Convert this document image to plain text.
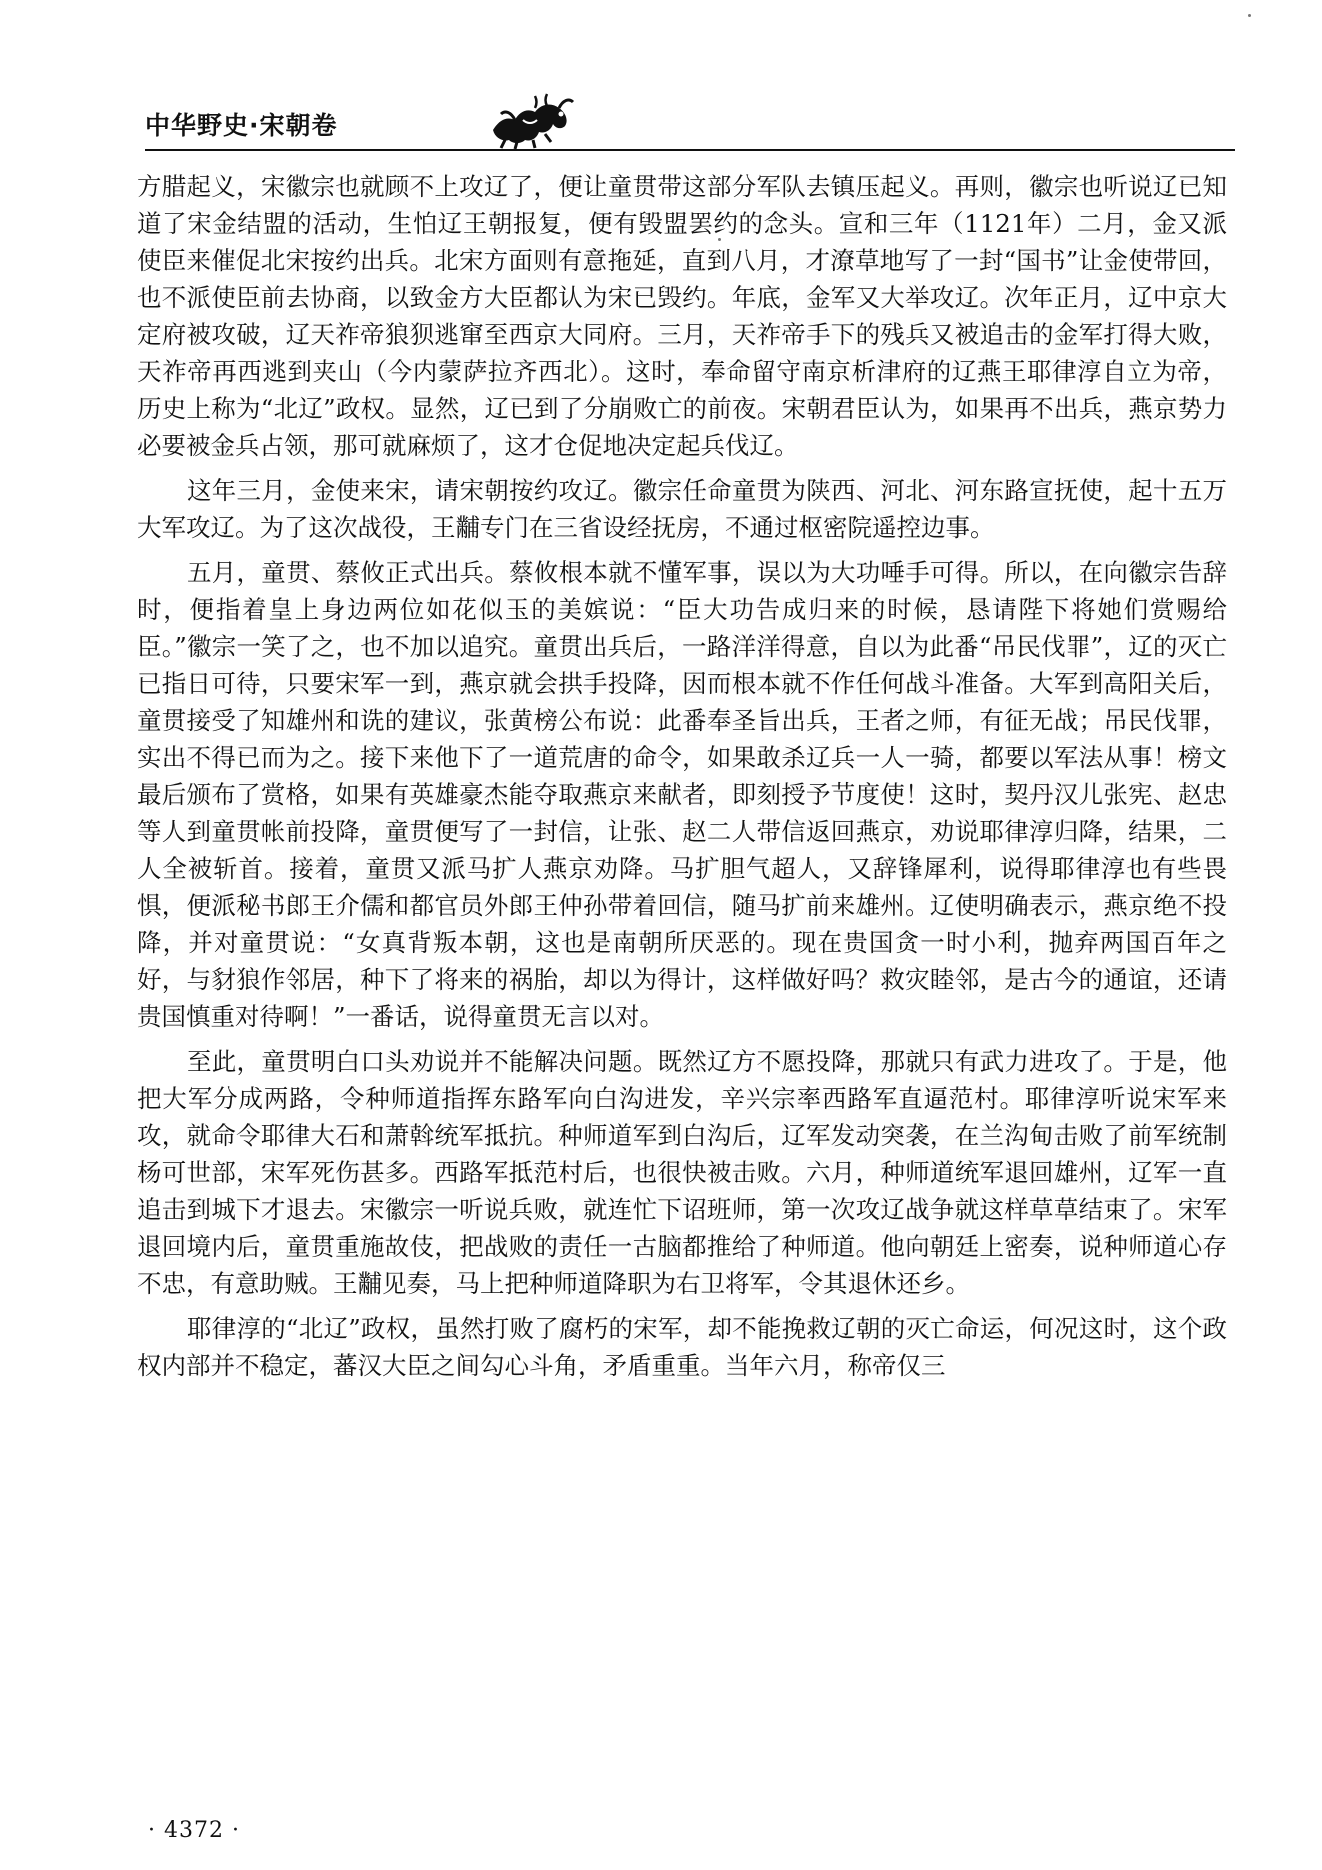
中华野史·宋朝卷

方腊起义，宋徽宗也就顾不上攻辽了，便让童贯带这部分军队去镇压起义。再则，徽宗也听说辽已知道了宋金结盟的活动，生怕辽王朝报复，便有毁盟罢约的念头。宣和三年（1121年）二月，金又派使臣来催促北宋按约出兵。北宋方面则有意拖延，直到八月，才潦草地写了一封“国书”让金使带回，也不派使臣前去协商，以致金方大臣都认为宋已毁约。年底，金军又大举攻辽。次年正月，辽中京大定府被攻破，辽天祚帝狼狈逃窜至西京大同府。三月，天祚帝手下的残兵又被追击的金军打得大败，天祚帝再西逃到夹山（今内蒙萨拉齐西北）。这时，奉命留守南京析津府的辽燕王耶律淳自立为帝，历史上称为“北辽”政权。显然，辽已到了分崩败亡的前夜。宋朝君臣认为，如果再不出兵，燕京势力必要被金兵占领，那可就麻烦了，这才仓促地决定起兵伐辽。

这年三月，金使来宋，请宋朝按约攻辽。徽宗任命童贯为陕西、河北、河东路宣抚使，起十五万大军攻辽。为了这次战役，王黼专门在三省设经抚房，不通过枢密院遥控边事。

五月，童贯、蔡攸正式出兵。蔡攸根本就不懂军事，误以为大功唾手可得。所以，在向徽宗告辞时，便指着皇上身边两位如花似玉的美嫔说：“臣大功告成归来的时候，恳请陛下将她们赏赐给臣。”徽宗一笑了之，也不加以追究。童贯出兵后，一路洋洋得意，自以为此番“吊民伐罪”，辽的灭亡已指日可待，只要宋军一到，燕京就会拱手投降，因而根本就不作任何战斗准备。大军到高阳关后，童贯接受了知雄州和诜的建议，张黄榜公布说：此番奉圣旨出兵，王者之师，有征无战；吊民伐罪，实出不得已而为之。接下来他下了一道荒唐的命令，如果敢杀辽兵一人一骑，都要以军法从事！榜文最后颁布了赏格，如果有英雄豪杰能夺取燕京来献者，即刻授予节度使！这时，契丹汉儿张宪、赵忠等人到童贯帐前投降，童贯便写了一封信，让张、赵二人带信返回燕京，劝说耶律淳归降，结果，二人全被斩首。接着，童贯又派马扩人燕京劝降。马扩胆气超人，又辞锋犀利，说得耶律淳也有些畏惧，便派秘书郎王介儒和都官员外郎王仲孙带着回信，随马扩前来雄州。辽使明确表示，燕京绝不投降，并对童贯说：“女真背叛本朝，这也是南朝所厌恶的。现在贵国贪一时小利，抛弃两国百年之好，与豺狼作邻居，种下了将来的祸胎，却以为得计，这样做好吗？救灾睦邻，是古今的通谊，还请贵国慎重对待啊！”一番话，说得童贯无言以对。

至此，童贯明白口头劝说并不能解决问题。既然辽方不愿投降，那就只有武力进攻了。于是，他把大军分成两路，令种师道指挥东路军向白沟进发，辛兴宗率西路军直逼范村。耶律淳听说宋军来攻，就命令耶律大石和萧斡统军抵抗。种师道军到白沟后，辽军发动突袭，在兰沟甸击败了前军统制杨可世部，宋军死伤甚多。西路军抵范村后，也很快被击败。六月，种师道统军退回雄州，辽军一直追击到城下才退去。宋徽宗一听说兵败，就连忙下诏班师，第一次攻辽战争就这样草草结束了。宋军退回境内后，童贯重施故伎，把战败的责任一古脑都推给了种师道。他向朝廷上密奏，说种师道心存不忠，有意助贼。王黼见奏，马上把种师道降职为右卫将军，令其退休还乡。

耶律淳的“北辽”政权，虽然打败了腐朽的宋军，却不能挽救辽朝的灭亡命运，何况这时，这个政权内部并不稳定，蕃汉大臣之间勾心斗角，矛盾重重。当年六月，称帝仅三

· 4372 ·
